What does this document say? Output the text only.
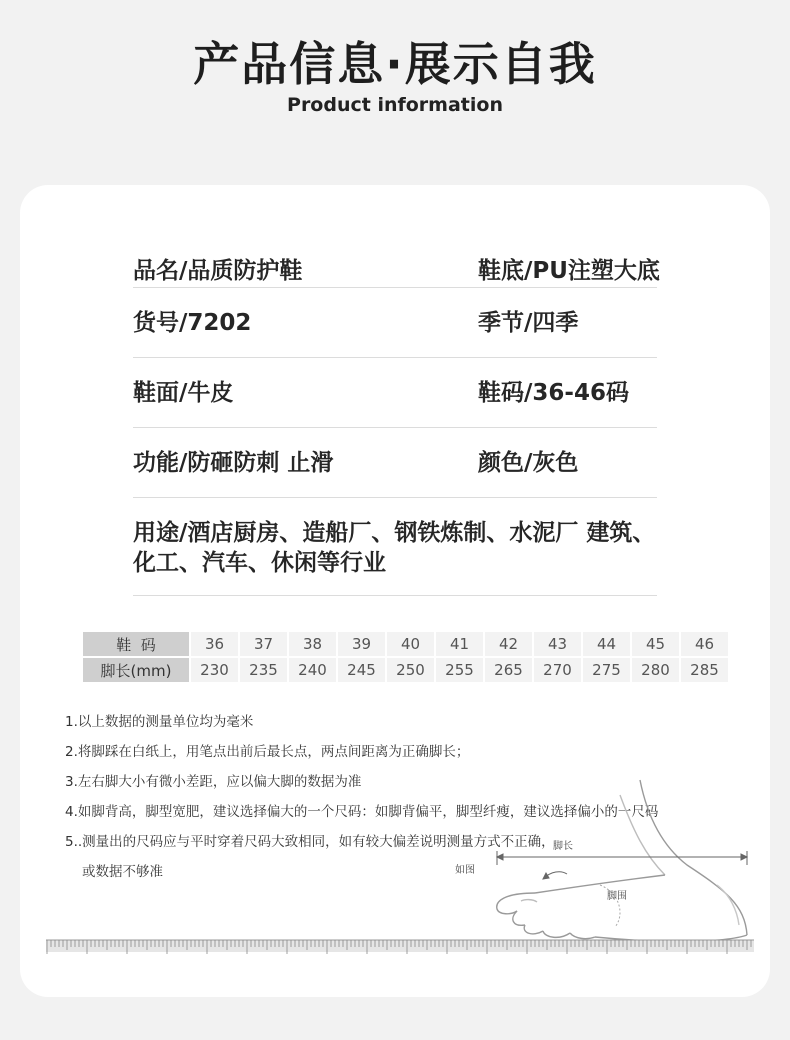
产品信息·展示自我
Product information
品名/品质防护鞋	鞋底/PU注塑大底
货号/7202	季节/四季
鞋面/牛皮	鞋码/36-46码
功能/防砸防刺 止滑	颜色/灰色
用途/酒店厨房、造船厂、钢铁炼制、水泥厂 建筑、化工、汽车、休闲等行业
鞋  码	36	37	38	39	40	41	42	43	44	45	46
脚长(mm)	230	235	240	245	250	255	265	270	275	280	285
1.以上数据的测量单位均为毫米
2.将脚踩在白纸上，用笔点出前后最长点，两点间距离为正确脚长；
3.左右脚大小有微小差距，应以偏大脚的数据为准
4.如脚背高，脚型宽肥，建议选择偏大的一个尺码：如脚背偏平，脚型纤瘦，建议选择偏小的一尺码
5..测量出的尺码应与平时穿着尺码大致相同，如有较大偏差说明测量方式不正确，
或数据不够准
脚长
如图
脚围
